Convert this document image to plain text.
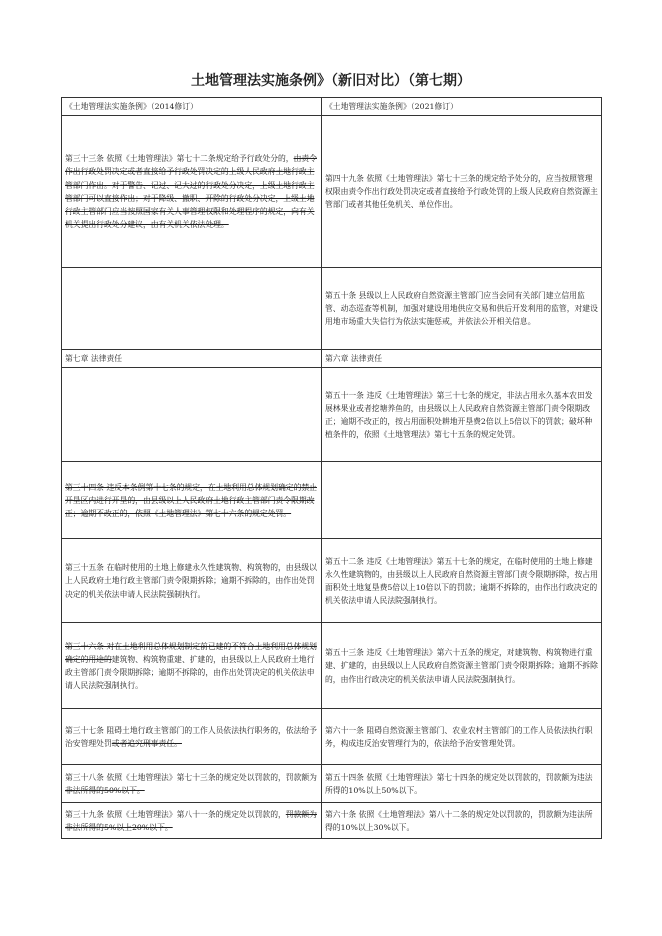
土地管理法实施条例》（新旧对比）（第七期）
《土地管理法实施条例》（2014修订）	《土地管理法实施条例》（2021修订）
第三十三条 依照《土地管理法》第七十二条规定给予行政处分的，由责令作出行政处罚决定或者直接给予行政处罚决定的上级人民政府土地行政主管部门作出。对于警告、记过、记大过的行政处分决定，上级土地行政主管部门可以直接作出；对于降级、撤职、开除的行政处分决定，上级土地行政主管部门应当按照国家有关人事管理权限和处理程序的规定，向有关机关提出行政处分建议，由有关机关依法处理。	第四十九条 依照《土地管理法》第七十三条的规定给予处分的，应当按照管理权限由责令作出行政处罚决定或者直接给予行政处罚的上级人民政府自然资源主管部门或者其他任免机关、单位作出。
	第五十条 县级以上人民政府自然资源主管部门应当会同有关部门建立信用监管、动态巡查等机制，加强对建设用地供应交易和供后开发利用的监管，对建设用地市场重大失信行为依法实施惩戒，并依法公开相关信息。
第七章 法律责任	第六章 法律责任
	第五十一条 违反《土地管理法》第三十七条的规定，非法占用永久基本农田发展林果业或者挖塘养鱼的，由县级以上人民政府自然资源主管部门责令限期改正；逾期不改正的，按占用面积处耕地开垦费2倍以上5倍以下的罚款；破坏种植条件的，依照《土地管理法》第七十五条的规定处罚。
第三十四条 违反本条例第十七条的规定，在土地利用总体规划确定的禁止开垦区内进行开垦的，由县级以上人民政府土地行政主管部门责令限期改正；逾期不改正的，依照《土地管理法》第七十六条的规定处罚。	
第三十五条 在临时使用的土地上修建永久性建筑物、构筑物的，由县级以上人民政府土地行政主管部门责令限期拆除；逾期不拆除的，由作出处罚决定的机关依法申请人民法院强制执行。	第五十二条 违反《土地管理法》第五十七条的规定，在临时使用的土地上修建永久性建筑物的，由县级以上人民政府自然资源主管部门责令限期拆除，按占用面积处土地复垦费5倍以上10倍以下的罚款；逾期不拆除的，由作出行政决定的机关依法申请人民法院强制执行。
第三十六条 对在土地利用总体规划制定前已建的不符合土地利用总体规划确定的用途的建筑物、构筑物重建、扩建的，由县级以上人民政府土地行政主管部门责令限期拆除；逾期不拆除的，由作出处罚决定的机关依法申请人民法院强制执行。	第五十三条 违反《土地管理法》第六十五条的规定，对建筑物、构筑物进行重建、扩建的，由县级以上人民政府自然资源主管部门责令限期拆除；逾期不拆除的，由作出行政决定的机关依法申请人民法院强制执行。
第三十七条 阻碍土地行政主管部门的工作人员依法执行职务的，依法给予治安管理处罚或者追究刑事责任。	第六十一条 阻碍自然资源主管部门、农业农村主管部门的工作人员依法执行职务，构成违反治安管理行为的，依法给予治安管理处罚。
第三十八条 依照《土地管理法》第七十三条的规定处以罚款的，罚款额为非法所得的50%以下。	第五十四条 依照《土地管理法》第七十四条的规定处以罚款的，罚款额为违法所得的10%以上50%以下。
第三十九条 依照《土地管理法》第八十一条的规定处以罚款的，罚款额为非法所得的5%以上20%以下。	第六十条 依照《土地管理法》第八十二条的规定处以罚款的，罚款额为违法所得的10%以上30%以下。
